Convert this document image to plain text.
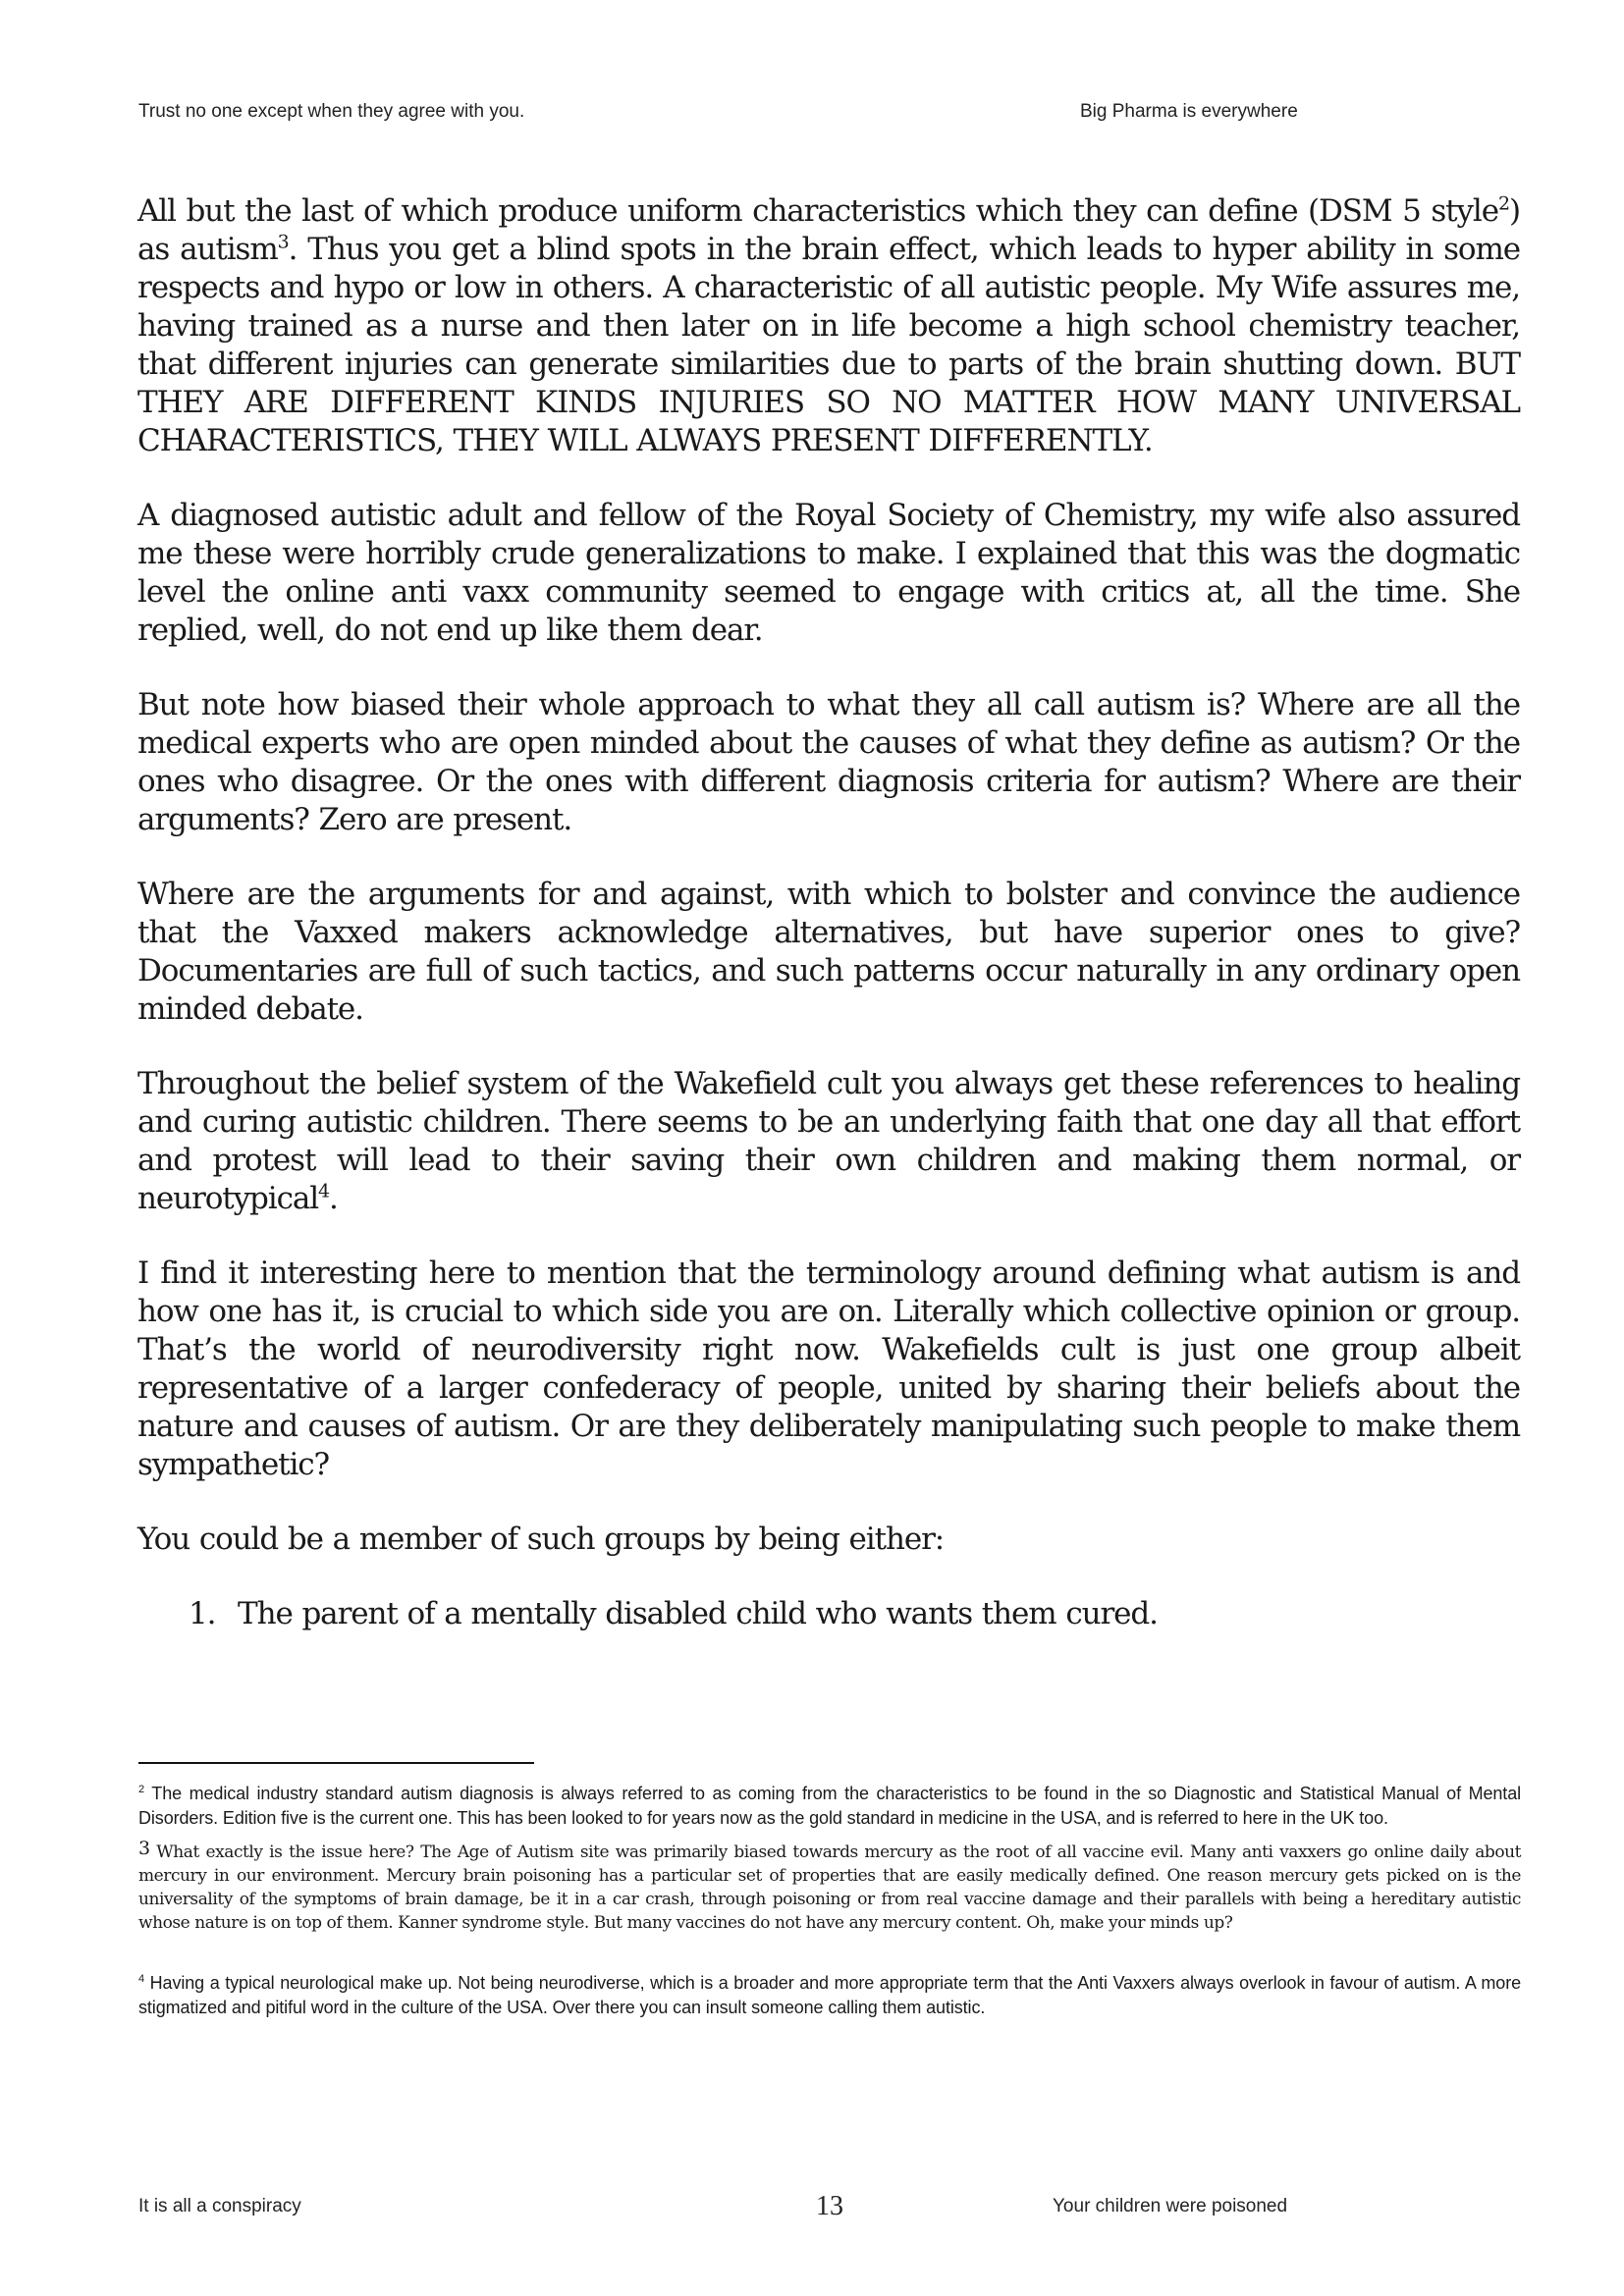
Trust no one except when they agree with you.	Big Pharma is everywhere

All but the last of which produce uniform characteristics which they can define (DSM 5 style$^2$) as autism$^3$. Thus you get a blind spots in the brain effect, which leads to hyper ability in some respects and hypo or low in others. A characteristic of all autistic people. My Wife assures me, having trained as a nurse and then later on in life become a high school chemistry teacher, that different injuries can generate similarities due to parts of the brain shutting down. BUT THEY ARE DIFFERENT KINDS INJURIES SO NO MATTER HOW MANY UNIVERSAL CHARACTERISTICS, THEY WILL ALWAYS PRESENT DIFFERENTLY.

A diagnosed autistic adult and fellow of the Royal Society of Chemistry, my wife also assured me these were horribly crude generalizations to make. I explained that this was the dogmatic level the online anti vaxx community seemed to engage with critics at, all the time. She replied, well, do not end up like them dear.

But note how biased their whole approach to what they all call autism is? Where are all the medical experts who are open minded about the causes of what they define as autism? Or the ones who disagree. Or the ones with different diagnosis criteria for autism? Where are their arguments? Zero are present.

Where are the arguments for and against, with which to bolster and convince the audience that the Vaxxed makers acknowledge alternatives, but have superior ones to give? Documentaries are full of such tactics, and such patterns occur naturally in any ordinary open minded debate.

Throughout the belief system of the Wakefield cult you always get these references to healing and curing autistic children. There seems to be an underlying faith that one day all that effort and protest will lead to their saving their own children and making them normal, or neurotypical$^4$.

I find it interesting here to mention that the terminology around defining what autism is and how one has it, is crucial to which side you are on. Literally which collective opinion or group. That’s the world of neurodiversity right now. Wakefields cult is just one group albeit representative of a larger confederacy of people, united by sharing their beliefs about the nature and causes of autism. Or are they deliberately manipulating such people to make them sympathetic?

You could be a member of such groups by being either:

1. The parent of a mentally disabled child who wants them cured.

$^2$ The medical industry standard autism diagnosis is always referred to as coming from the characteristics to be found in the so Diagnostic and Statistical Manual of Mental Disorders. Edition five is the current one. This has been looked to for years now as the gold standard in medicine in the USA, and is referred to here in the UK too.

$^3$ What exactly is the issue here? The Age of Autism site was primarily biased towards mercury as the root of all vaccine evil. Many anti vaxxers go online daily about mercury in our environment. Mercury brain poisoning has a particular set of properties that are easily medically defined. One reason mercury gets picked on is the universality of the symptoms of brain damage, be it in a car crash, through poisoning or from real vaccine damage and their parallels with being a hereditary autistic whose nature is on top of them. Kanner syndrome style. But many vaccines do not have any mercury content. Oh, make your minds up?

$^4$ Having a typical neurological make up. Not being neurodiverse, which is a broader and more appropriate term that the Anti Vaxxers always overlook in favour of autism. A more stigmatized and pitiful word in the culture of the USA. Over there you can insult someone calling them autistic.

It is all a conspiracy	13	Your children were poisoned
